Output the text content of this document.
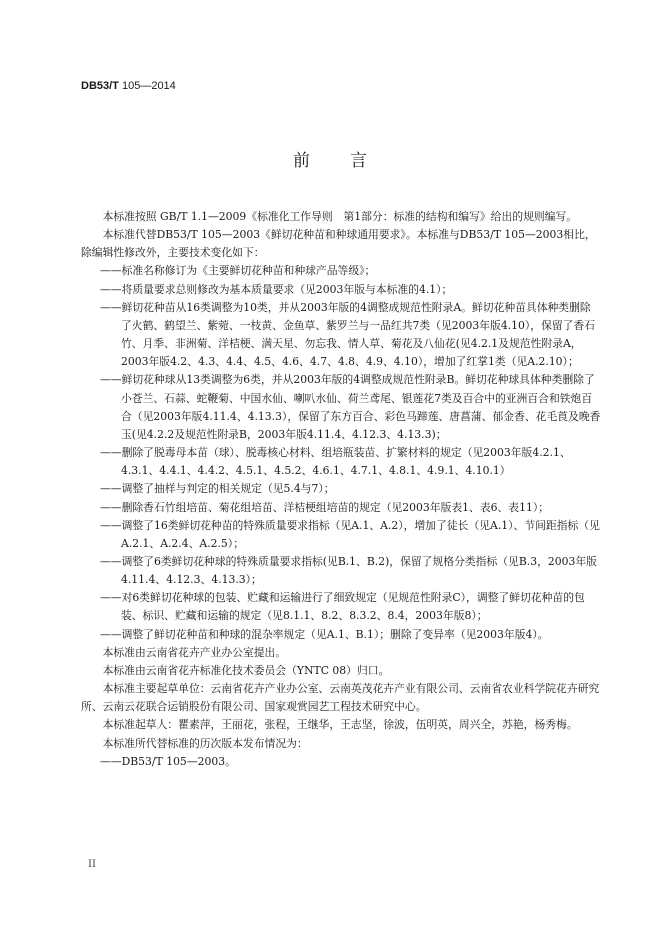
DB53/T 105—2014
前 言

本标准按照 GB/T 1.1—2009《标准化工作导则　第1部分：标准的结构和编写》给出的规则编写。

本标准代替DB53/T 105—2003《鲜切花种苗和种球通用要求》。本标准与DB53/T 105—2003相比，除编辑性修改外，主要技术变化如下：

——标准名称修订为《主要鲜切花种苗和种球产品等级》；

——将质量要求总则修改为基本质量要求（见2003年版与本标准的4.1）；

——鲜切花种苗从16类调整为10类，并从2003年版的4调整成规范性附录A。鲜切花种苗具体种类删除了火鹤、鹤望兰、紫菀、一枝黄、金鱼草、紫罗兰与一品红共7类（见2003年版4.10），保留了香石竹、月季、非洲菊、洋桔梗、满天星、勿忘我、情人草、菊花及八仙花(见4.2.1及规范性附录A，2003年版4.2、4.3、4.4、4.5、4.6、4.7、4.8、4.9、4.10），增加了红掌1类（见A.2.10）；

——鲜切花种球从13类调整为6类，并从2003年版的4调整成规范性附录B。鲜切花种球具体种类删除了小苍兰、石蒜、蛇鞭菊、中国水仙、喇叭水仙、荷兰鸢尾、银莲花7类及百合中的亚洲百合和铁炮百合（见2003年版4.11.4、4.13.3），保留了东方百合、彩色马蹄莲、唐菖蒲、郁金香、花毛莨及晚香玉(见4.2.2及规范性附录B，2003年版4.11.4、4.12.3、4.13.3)；

——删除了脱毒母本苗（球）、脱毒核心材料、组培瓶装苗、扩繁材料的规定（见2003年版4.2.1、4.3.1、4.4.1、4.4.2、4.5.1、4.5.2、4.6.1、4.7.1、4.8.1、4.9.1、4.10.1）

——调整了抽样与判定的相关规定（见5.4与7）；

——删除香石竹组培苗、菊花组培苗、洋桔梗组培苗的规定（见2003年版表1、表6、表11）；

——调整了16类鲜切花种苗的特殊质量要求指标（见A.1、A.2），增加了徒长（见A.1）、节间距指标（见A.2.1、A.2.4、A.2.5）；

——调整了6类鲜切花种球的特殊质量要求指标(见B.1、B.2)，保留了规格分类指标（见B.3，2003年版4.11.4、4.12.3、4.13.3）；

——对6类鲜切花种球的包装、贮藏和运输进行了细致规定（见规范性附录C），调整了鲜切花种苗的包装、标识、贮藏和运输的规定（见8.1.1、8.2、8.3.2、8.4，2003年版8）；

——调整了鲜切花种苗和种球的混杂率规定（见A.1、B.1）；删除了变异率（见2003年版4）。

本标准由云南省花卉产业办公室提出。

本标准由云南省花卉标准化技术委员会（YNTC 08）归口。

本标准主要起草单位：云南省花卉产业办公室、云南英茂花卉产业有限公司、云南省农业科学院花卉研究所、云南云花联合运销股份有限公司、国家观赏园艺工程技术研究中心。

本标准起草人：瞿素萍，王丽花，张程，王继华，王志坚，徐波，伍明英，周兴全，苏艳，杨秀梅。

本标准所代替标准的历次版本发布情况为：

——DB53/T 105—2003。

II
